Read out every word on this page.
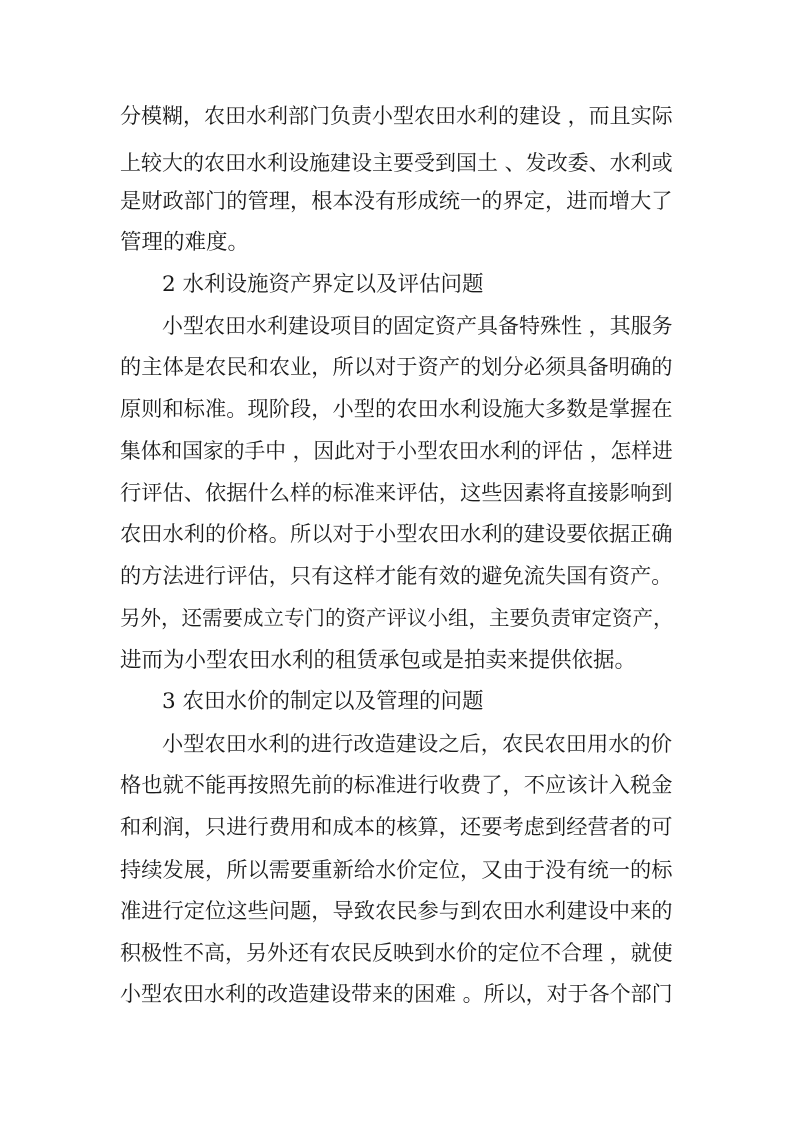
分模糊，农田水利部门负责小型农田水利的建设 ，而且实际
上较大的农田水利设施建设主要受到国土 、发改委、水利或
是财政部门的管理，根本没有形成统一的界定，进而增大了
管理的难度。
2 水利设施资产界定以及评估问题
小型农田水利建设项目的固定资产具备特殊性 ，其服务
的主体是农民和农业，所以对于资产的划分必须具备明确的
原则和标准。现阶段，小型的农田水利设施大多数是掌握在
集体和国家的手中 ，因此对于小型农田水利的评估 ，怎样进
行评估、依据什么样的标准来评估，这些因素将直接影响到
农田水利的价格。所以对于小型农田水利的建设要依据正确
的方法进行评估，只有这样才能有效的避免流失国有资产。
另外，还需要成立专门的资产评议小组，主要负责审定资产，
进而为小型农田水利的租赁承包或是拍卖来提供依据。
3 农田水价的制定以及管理的问题
小型农田水利的进行改造建设之后，农民农田用水的价
格也就不能再按照先前的标准进行收费了，不应该计入税金
和利润，只进行费用和成本的核算，还要考虑到经营者的可
持续发展，所以需要重新给水价定位，又由于没有统一的标
准进行定位这些问题，导致农民参与到农田水利建设中来的
积极性不高，另外还有农民反映到水价的定位不合理 ，就使
小型农田水利的改造建设带来的困难 。所以，对于各个部门
